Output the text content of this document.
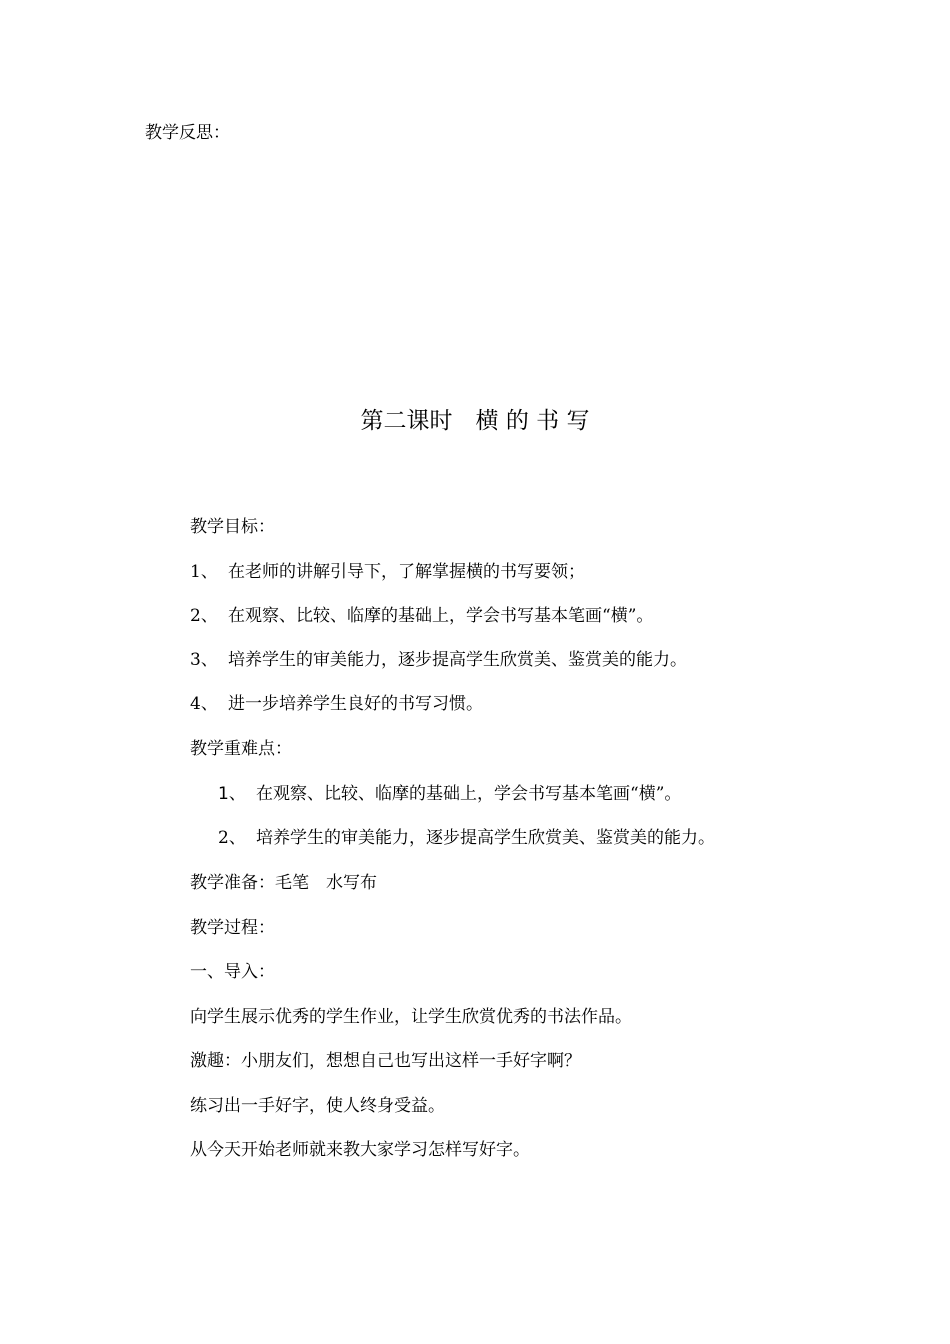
教学反思：
第二课时　横 的 书 写
教学目标：
1、 在老师的讲解引导下，了解掌握横的书写要领；
2、 在观察、比较、临摩的基础上，学会书写基本笔画“横”。
3、 培养学生的审美能力，逐步提高学生欣赏美、鉴赏美的能力。
4、 进一步培养学生良好的书写习惯。
教学重难点：
1、 在观察、比较、临摩的基础上，学会书写基本笔画“横”。
2、 培养学生的审美能力，逐步提高学生欣赏美、鉴赏美的能力。
教学准备：毛笔　水写布
教学过程：
一、导入：
向学生展示优秀的学生作业，让学生欣赏优秀的书法作品。
激趣：小朋友们，想想自己也写出这样一手好字啊？
练习出一手好字，使人终身受益。
从今天开始老师就来教大家学习怎样写好字。
